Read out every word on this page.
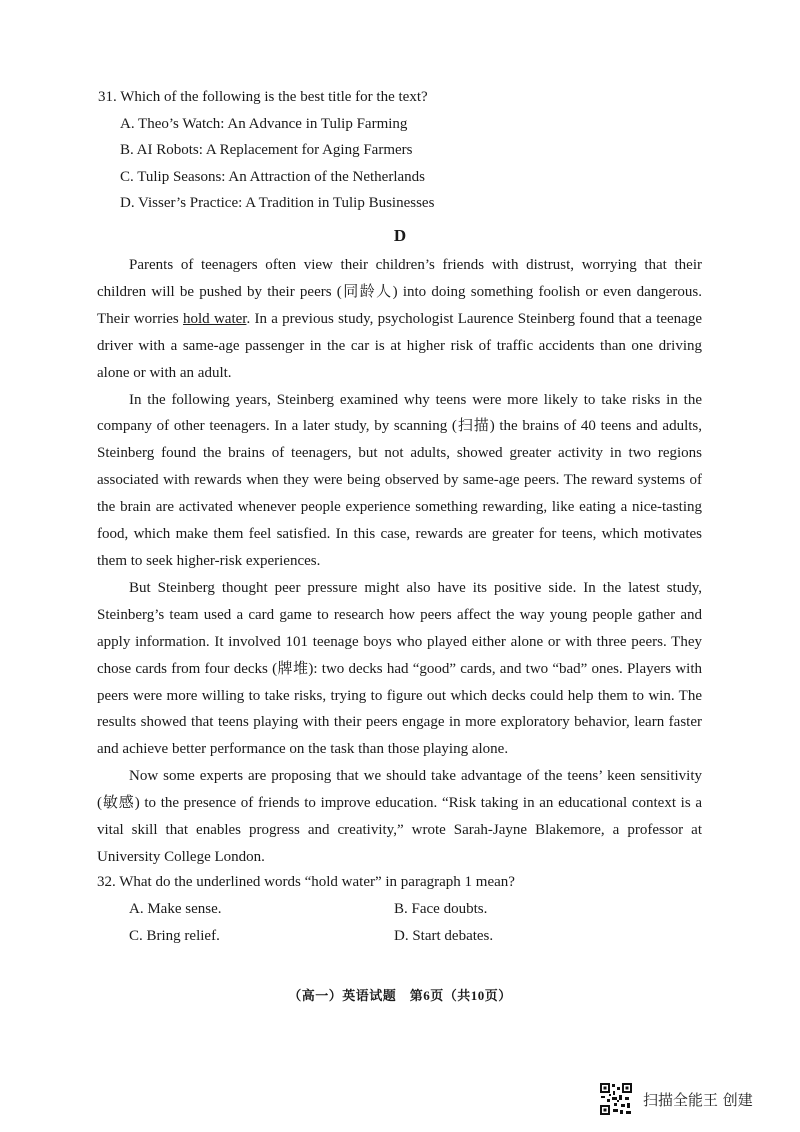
31. Which of the following is the best title for the text?
A. Theo’s Watch: An Advance in Tulip Farming
B. AI Robots: A Replacement for Aging Farmers
C. Tulip Seasons: An Attraction of the Netherlands
D. Visser’s Practice: A Tradition in Tulip Businesses
D

Parents of teenagers often view their children’s friends with distrust, worrying that their children will be pushed by their peers (同龄人) into doing something foolish or even dangerous. Their worries hold water. In a previous study, psychologist Laurence Steinberg found that a teenage driver with a same-age passenger in the car is at higher risk of traffic accidents than one driving alone or with an adult.

In the following years, Steinberg examined why teens were more likely to take risks in the company of other teenagers. In a later study, by scanning (扫描) the brains of 40 teens and adults, Steinberg found the brains of teenagers, but not adults, showed greater activity in two regions associated with rewards when they were being observed by same-age peers. The reward systems of the brain are activated whenever people experience something rewarding, like eating a nice-tasting food, which make them feel satisfied. In this case, rewards are greater for teens, which motivates them to seek higher-risk experiences.

But Steinberg thought peer pressure might also have its positive side. In the latest study, Steinberg’s team used a card game to research how peers affect the way young people gather and apply information. It involved 101 teenage boys who played either alone or with three peers. They chose cards from four decks (牌堆): two decks had “good” cards, and two “bad” ones. Players with peers were more willing to take risks, trying to figure out which decks could help them to win. The results showed that teens playing with their peers engage in more exploratory behavior, learn faster and achieve better performance on the task than those playing alone.

Now some experts are proposing that we should take advantage of the teens’ keen sensitivity (敏感) to the presence of friends to improve education. “Risk taking in an educational context is a vital skill that enables progress and creativity,” wrote Sarah-Jayne Blakemore, a professor at University College London.

32. What do the underlined words “hold water” in paragraph 1 mean?
A. Make sense.	B. Face doubts.
C. Bring relief.	D. Start debates.
（高一）英语试题　第6页（共10页）
扫描全能王 创建
